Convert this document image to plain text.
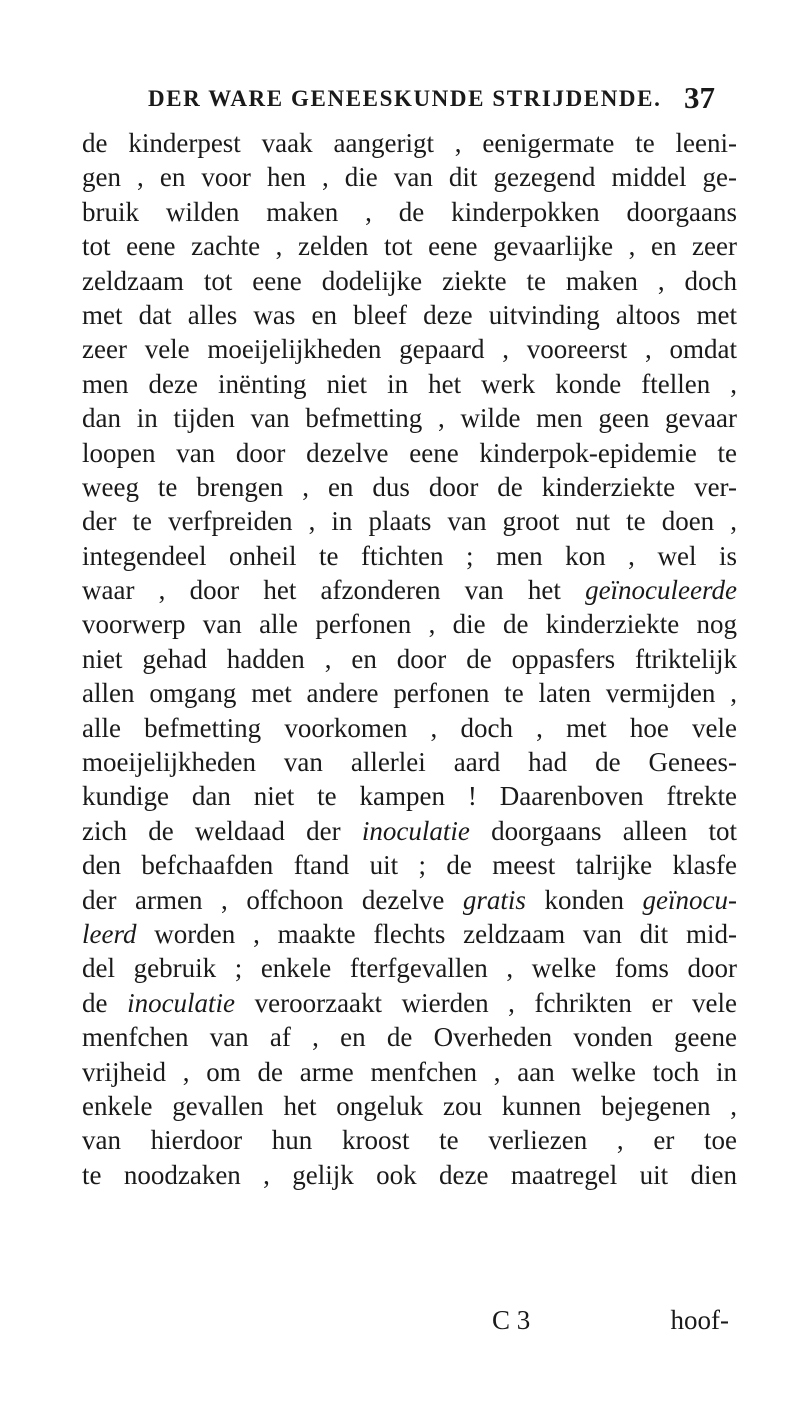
DER WARE GENEESKUNDE STRIJDENDE. 37
de kinderpest vaak aangerigt , eenigermate te leeni-
gen , en voor hen , die van dit gezegend middel ge-
bruik wilden maken , de kinderpokken doorgaans
tot eene zachte , zelden tot eene gevaarlijke , en zeer
zeldzaam tot eene dodelijke ziekte te maken , doch
met dat alles was en bleef deze uitvinding altoos met
zeer vele moeijelijkheden gepaard , vooreerst , omdat
men deze inënting niet in het werk konde ftellen ,
dan in tijden van befmetting , wilde men geen gevaar
loopen van door dezelve eene kinderpok-epidemie te
weeg te brengen , en dus door de kinderziekte ver-
der te verfpreiden , in plaats van groot nut te doen ,
integendeel onheil te ftichten ; men kon , wel is
waar , door het afzonderen van het geïnoculeerde
voorwerp van alle perfonen , die de kinderziekte nog
niet gehad hadden , en door de oppasfers ftriktelijk
allen omgang met andere perfonen te laten vermijden ,
alle befmetting voorkomen , doch , met hoe vele
moeijelijkheden van allerlei aard had de Genees-
kundige dan niet te kampen ! Daarenboven ftrekte
zich de weldaad der inoculatie doorgaans alleen tot
den befchaafden ftand uit ; de meest talrijke klasfe
der armen , offchoon dezelve gratis konden geïnocu-
leerd worden , maakte flechts zeldzaam van dit mid-
del gebruik ; enkele fterfgevallen , welke foms door
de inoculatie veroorzaakt wierden , fchrikten er vele
menfchen van af , en de Overheden vonden geene
vrijheid , om de arme menfchen , aan welke toch in
enkele gevallen het ongeluk zou kunnen bejegenen ,
van hierdoor hun kroost te verliezen , er toe
te noodzaken , gelijk ook deze maatregel uit dien
C 3	hoof-
